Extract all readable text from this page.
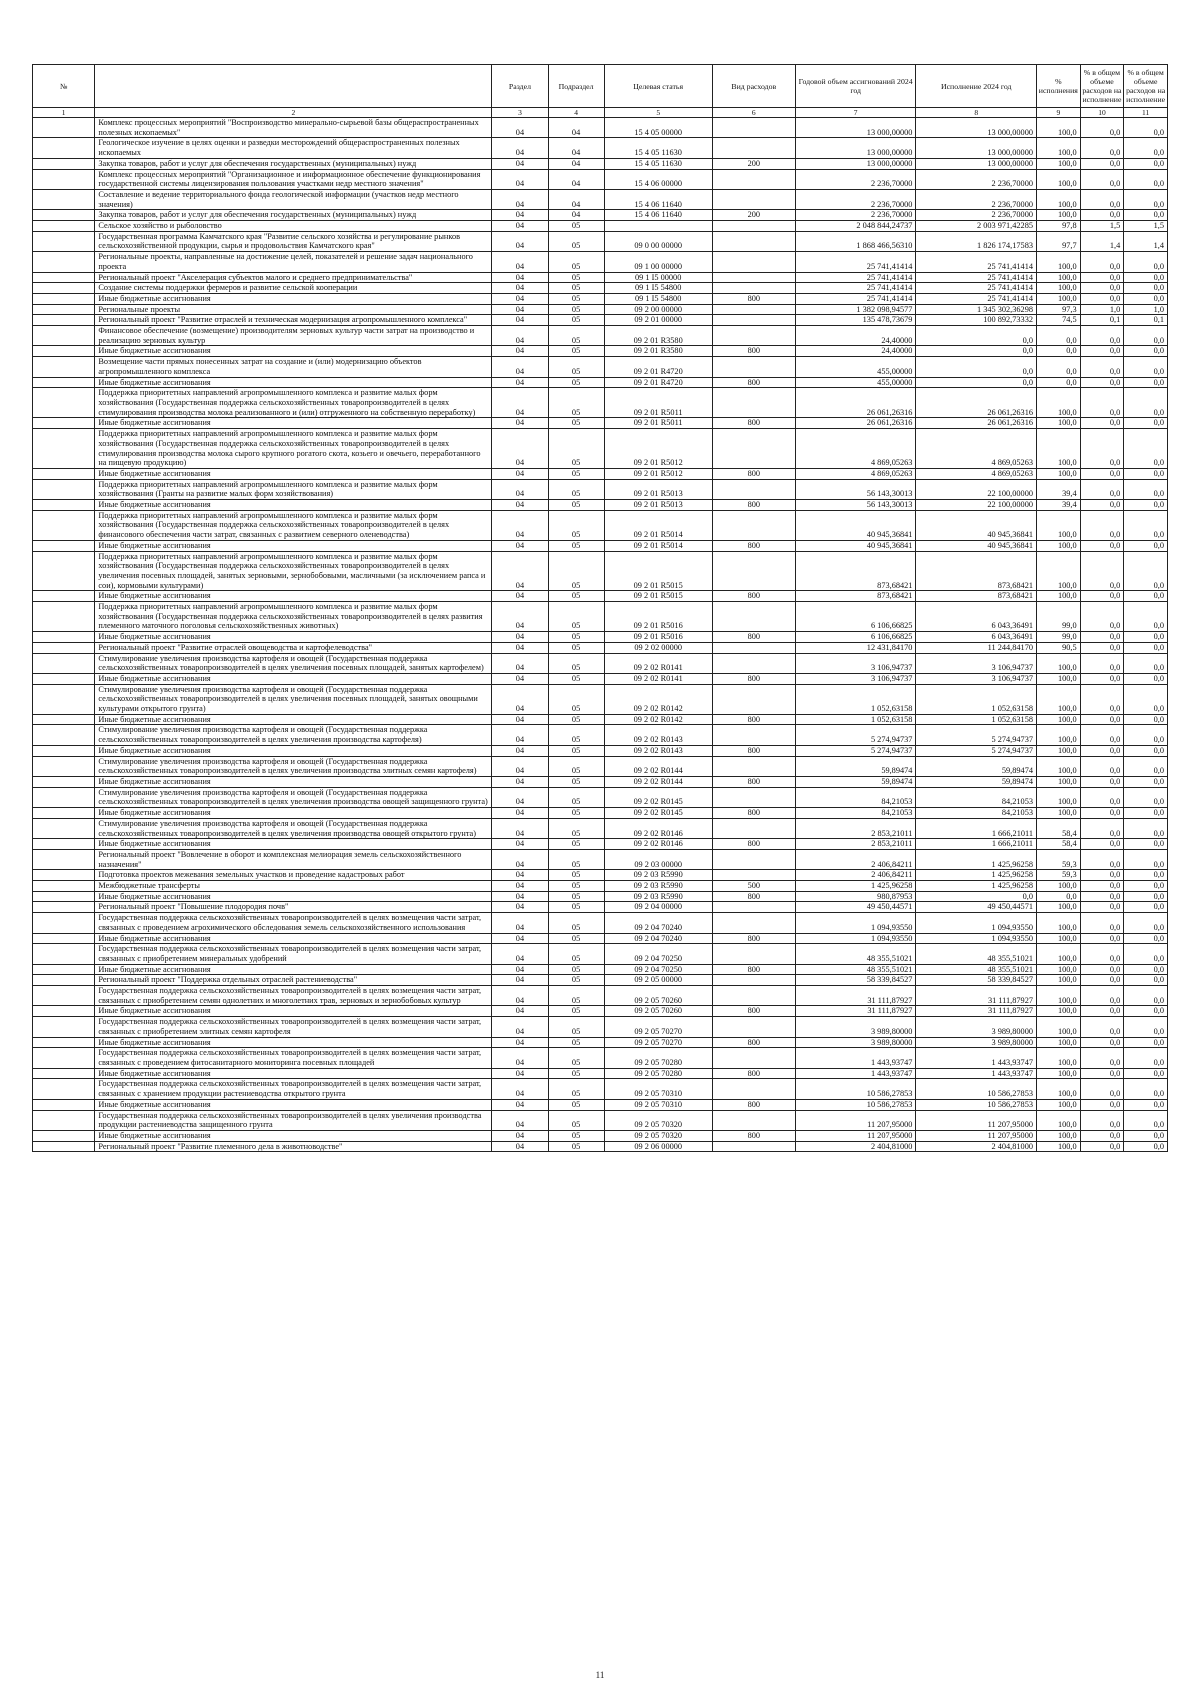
№		Раздел	Подраздел	Целевая статья	Вид расходов	Годовой объем ассигнований 2024 год	Исполнение 2024 год	% исполнения	% в общем объеме расходов на исполнение	% в общем объеме расходов на исполнение
1	2	3	4	5	6	7	8	9	10	11
	Комплекс процессных мероприятий "Воспроизводство минерально-сырьевой базы общераспространенных полезных ископаемых"	04	04	15 4 05 00000		13 000,00000	13 000,00000	100,0	0,0	0,0
	Геологическое изучение в целях оценки и разведки месторождений общераспространенных полезных ископаемых	04	04	15 4 05 11630		13 000,00000	13 000,00000	100,0	0,0	0,0
	Закупка товаров, работ и услуг для обеспечения государственных (муниципальных) нужд	04	04	15 4 05 11630	200	13 000,00000	13 000,00000	100,0	0,0	0,0
	Комплекс процессных мероприятий "Организационное и информационное обеспечение функционирования государственной системы лицензирования пользования участками недр местного значения"	04	04	15 4 06 00000		2 236,70000	2 236,70000	100,0	0,0	0,0
	Составление и ведение территориального фонда геологической информации (участков недр местного значения)	04	04	15 4 06 11640		2 236,70000	2 236,70000	100,0	0,0	0,0
	Закупка товаров, работ и услуг для обеспечения государственных (муниципальных) нужд	04	04	15 4 06 11640	200	2 236,70000	2 236,70000	100,0	0,0	0,0
	Сельское хозяйство и рыболовство	04	05			2 048 844,24737	2 003 971,42285	97,8	1,5	1,5
	Государственная программа Камчатского края "Развитие сельского хозяйства и регулирование рынков сельскохозяйственной продукции, сырья и продовольствия Камчатского края"	04	05	09 0 00 00000		1 868 466,56310	1 826 174,17583	97,7	1,4	1,4
	Региональные проекты, направленные на достижение целей, показателей и решение задач национального проекта	04	05	09 1 00 00000		25 741,41414	25 741,41414	100,0	0,0	0,0
	Региональный проект "Акселерация субъектов малого и среднего предпринимательства"	04	05	09 1 I5 00000		25 741,41414	25 741,41414	100,0	0,0	0,0
	Создание системы поддержки фермеров и развитие сельской кооперации	04	05	09 1 I5 54800		25 741,41414	25 741,41414	100,0	0,0	0,0
	Иные бюджетные ассигнования	04	05	09 1 I5 54800	800	25 741,41414	25 741,41414	100,0	0,0	0,0
	Региональные проекты	04	05	09 2 00 00000		1 382 098,94577	1 345 302,36298	97,3	1,0	1,0
	Региональный проект "Развитие отраслей и техническая модернизация агропромышленного комплекса"	04	05	09 2 01 00000		135 478,73679	100 892,73332	74,5	0,1	0,1
	Финансовое обеспечение (возмещение) производителям зерновых культур части затрат на производство и реализацию зерновых культур	04	05	09 2 01 R3580		24,40000	0,0	0,0	0,0	0,0
	Иные бюджетные ассигнования	04	05	09 2 01 R3580	800	24,40000	0,0	0,0	0,0	0,0
	Возмещение части прямых понесенных затрат на создание и (или) модернизацию объектов агропромышленного комплекса	04	05	09 2 01 R4720		455,00000	0,0	0,0	0,0	0,0
	Иные бюджетные ассигнования	04	05	09 2 01 R4720	800	455,00000	0,0	0,0	0,0	0,0
	Поддержка приоритетных направлений агропромышленного комплекса и развитие малых форм хозяйствования (Государственная поддержка сельскохозяйственных товаропроизводителей в целях стимулирования производства молока реализованного и (или) отгруженного на собственную переработку)	04	05	09 2 01 R5011		26 061,26316	26 061,26316	100,0	0,0	0,0
	Иные бюджетные ассигнования	04	05	09 2 01 R5011	800	26 061,26316	26 061,26316	100,0	0,0	0,0
	Поддержка приоритетных направлений агропромышленного комплекса и развитие малых форм хозяйствования (Государственная поддержка сельскохозяйственных товаропроизводителей в целях стимулирования производства молока сырого крупного рогатого скота, козьего и овечьего, переработанного на пищевую продукцию)	04	05	09 2 01 R5012		4 869,05263	4 869,05263	100,0	0,0	0,0
	Иные бюджетные ассигнования	04	05	09 2 01 R5012	800	4 869,05263	4 869,05263	100,0	0,0	0,0
	Поддержка приоритетных направлений агропромышленного комплекса и развитие малых форм хозяйствования (Гранты на развитие малых форм хозяйствования)	04	05	09 2 01 R5013		56 143,30013	22 100,00000	39,4	0,0	0,0
	Иные бюджетные ассигнования	04	05	09 2 01 R5013	800	56 143,30013	22 100,00000	39,4	0,0	0,0
	Поддержка приоритетных направлений агропромышленного комплекса и развитие малых форм хозяйствования (Государственная поддержка сельскохозяйственных товаропроизводителей в целях финансового обеспечения части затрат, связанных с развитием северного оленеводства)	04	05	09 2 01 R5014		40 945,36841	40 945,36841	100,0	0,0	0,0
	Иные бюджетные ассигнования	04	05	09 2 01 R5014	800	40 945,36841	40 945,36841	100,0	0,0	0,0
	Поддержка приоритетных направлений агропромышленного комплекса и развитие малых форм хозяйствования (Государственная поддержка сельскохозяйственных товаропроизводителей в целях увеличения посевных площадей, занятых зерновыми, зернобобовыми, масличными (за исключением рапса и сои), кормовыми культурами)	04	05	09 2 01 R5015		873,68421	873,68421	100,0	0,0	0,0
	Иные бюджетные ассигнования	04	05	09 2 01 R5015	800	873,68421	873,68421	100,0	0,0	0,0
	Поддержка приоритетных направлений агропромышленного комплекса и развитие малых форм хозяйствования (Государственная поддержка сельскохозяйственных товаропроизводителей в целях развития племенного маточного поголовья сельскохозяйственных животных)	04	05	09 2 01 R5016		6 106,66825	6 043,36491	99,0	0,0	0,0
	Иные бюджетные ассигнования	04	05	09 2 01 R5016	800	6 106,66825	6 043,36491	99,0	0,0	0,0
	Региональный проект "Развитие отраслей овощеводства и картофелеводства"	04	05	09 2 02 00000		12 431,84170	11 244,84170	90,5	0,0	0,0
	Стимулирование увеличения производства картофеля и овощей (Государственная поддержка сельскохозяйственных товаропроизводителей в целях увеличения посевных площадей, занятых картофелем)	04	05	09 2 02 R0141		3 106,94737	3 106,94737	100,0	0,0	0,0
	Иные бюджетные ассигнования	04	05	09 2 02 R0141	800	3 106,94737	3 106,94737	100,0	0,0	0,0
	Стимулирование увеличения производства картофеля и овощей (Государственная поддержка сельскохозяйственных товаропроизводителей в целях увеличения посевных площадей, занятых овощными культурами открытого грунта)	04	05	09 2 02 R0142		1 052,63158	1 052,63158	100,0	0,0	0,0
	Иные бюджетные ассигнования	04	05	09 2 02 R0142	800	1 052,63158	1 052,63158	100,0	0,0	0,0
	Стимулирование увеличения производства картофеля и овощей (Государственная поддержка сельскохозяйственных товаропроизводителей в целях увеличения производства картофеля)	04	05	09 2 02 R0143		5 274,94737	5 274,94737	100,0	0,0	0,0
	Иные бюджетные ассигнования	04	05	09 2 02 R0143	800	5 274,94737	5 274,94737	100,0	0,0	0,0
	Стимулирование увеличения производства картофеля и овощей (Государственная поддержка сельскохозяйственных товаропроизводителей в целях увеличения производства элитных семян картофеля)	04	05	09 2 02 R0144		59,89474	59,89474	100,0	0,0	0,0
	Иные бюджетные ассигнования	04	05	09 2 02 R0144	800	59,89474	59,89474	100,0	0,0	0,0
	Стимулирование увеличения производства картофеля и овощей (Государственная поддержка сельскохозяйственных товаропроизводителей в целях увеличения производства овощей защищенного грунта)	04	05	09 2 02 R0145		84,21053	84,21053	100,0	0,0	0,0
	Иные бюджетные ассигнования	04	05	09 2 02 R0145	800	84,21053	84,21053	100,0	0,0	0,0
	Стимулирование увеличения производства картофеля и овощей (Государственная поддержка сельскохозяйственных товаропроизводителей в целях увеличения производства овощей открытого грунта)	04	05	09 2 02 R0146		2 853,21011	1 666,21011	58,4	0,0	0,0
	Иные бюджетные ассигнования	04	05	09 2 02 R0146	800	2 853,21011	1 666,21011	58,4	0,0	0,0
	Региональный проект "Вовлечение в оборот и комплексная мелиорация земель сельскохозяйственного назначения"	04	05	09 2 03 00000		2 406,84211	1 425,96258	59,3	0,0	0,0
	Подготовка проектов межевания земельных участков и проведение кадастровых работ	04	05	09 2 03 R5990		2 406,84211	1 425,96258	59,3	0,0	0,0
	Межбюджетные трансферты	04	05	09 2 03 R5990	500	1 425,96258	1 425,96258	100,0	0,0	0,0
	Иные бюджетные ассигнования	04	05	09 2 03 R5990	800	980,87953	0,0	0,0	0,0	0,0
	Региональный проект "Повышение плодородия почв"	04	05	09 2 04 00000		49 450,44571	49 450,44571	100,0	0,0	0,0
	Государственная поддержка сельскохозяйственных товаропроизводителей в целях возмещения части затрат, связанных с проведением агрохимического обследования земель сельскохозяйственного использования	04	05	09 2 04 70240		1 094,93550	1 094,93550	100,0	0,0	0,0
	Иные бюджетные ассигнования	04	05	09 2 04 70240	800	1 094,93550	1 094,93550	100,0	0,0	0,0
	Государственная поддержка сельскохозяйственных товаропроизводителей в целях возмещения части затрат, связанных с приобретением минеральных удобрений	04	05	09 2 04 70250		48 355,51021	48 355,51021	100,0	0,0	0,0
	Иные бюджетные ассигнования	04	05	09 2 04 70250	800	48 355,51021	48 355,51021	100,0	0,0	0,0
	Региональный проект "Поддержка отдельных отраслей растениеводства"	04	05	09 2 05 00000		58 339,84527	58 339,84527	100,0	0,0	0,0
	Государственная поддержка сельскохозяйственных товаропроизводителей в целях возмещения части затрат, связанных с приобретением семян однолетних и многолетних трав, зерновых и зернобобовых культур	04	05	09 2 05 70260		31 111,87927	31 111,87927	100,0	0,0	0,0
	Иные бюджетные ассигнования	04	05	09 2 05 70260	800	31 111,87927	31 111,87927	100,0	0,0	0,0
	Государственная поддержка сельскохозяйственных товаропроизводителей в целях возмещения части затрат, связанных с приобретением элитных семян картофеля	04	05	09 2 05 70270		3 989,80000	3 989,80000	100,0	0,0	0,0
	Иные бюджетные ассигнования	04	05	09 2 05 70270	800	3 989,80000	3 989,80000	100,0	0,0	0,0
	Государственная поддержка сельскохозяйственных товаропроизводителей в целях возмещения части затрат, связанных с проведением фитосанитарного мониторинга посевных площадей	04	05	09 2 05 70280		1 443,93747	1 443,93747	100,0	0,0	0,0
	Иные бюджетные ассигнования	04	05	09 2 05 70280	800	1 443,93747	1 443,93747	100,0	0,0	0,0
	Государственная поддержка сельскохозяйственных товаропроизводителей в целях возмещения части затрат, связанных с хранением продукции растениеводства открытого грунта	04	05	09 2 05 70310		10 586,27853	10 586,27853	100,0	0,0	0,0
	Иные бюджетные ассигнования	04	05	09 2 05 70310	800	10 586,27853	10 586,27853	100,0	0,0	0,0
	Государственная поддержка сельскохозяйственных товаропроизводителей в целях увеличения производства продукции растениеводства защищенного грунта	04	05	09 2 05 70320		11 207,95000	11 207,95000	100,0	0,0	0,0
	Иные бюджетные ассигнования	04	05	09 2 05 70320	800	11 207,95000	11 207,95000	100,0	0,0	0,0
	Региональный проект "Развитие племенного дела в животноводстве"	04	05	09 2 06 00000		2 404,81000	2 404,81000	100,0	0,0	0,0
11
